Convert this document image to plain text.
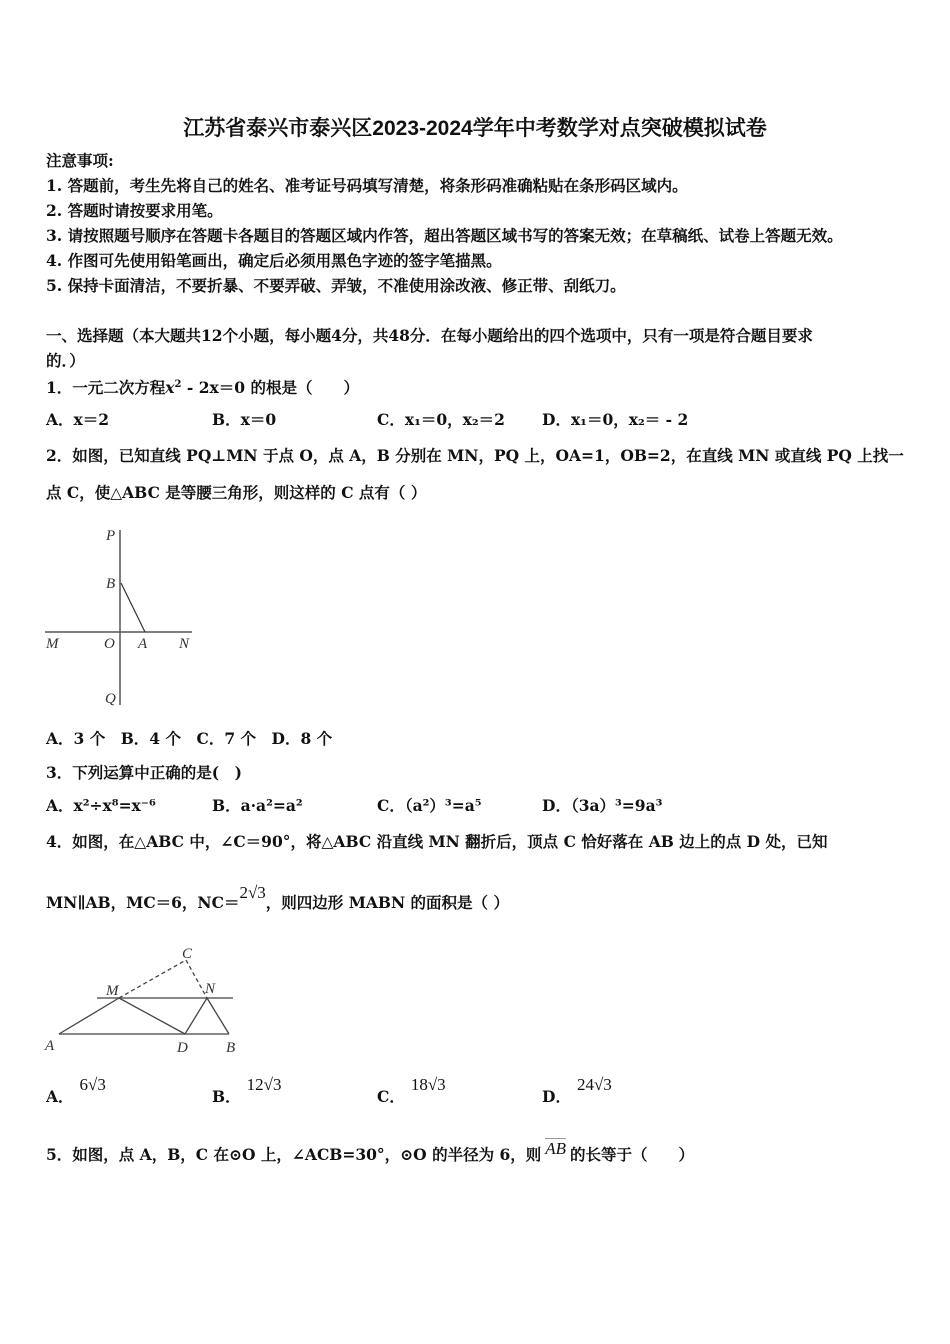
江苏省泰兴市泰兴区2023-2024学年中考数学对点突破模拟试卷
注意事项:
1. 答题前，考生先将自己的姓名、准考证号码填写清楚，将条形码准确粘贴在条形码区域内。
2. 答题时请按要求用笔。
3. 请按照题号顺序在答题卡各题目的答题区域内作答，超出答题区域书写的答案无效；在草稿纸、试卷上答题无效。
4. 作图可先使用铅笔画出，确定后必须用黑色字迹的签字笔描黑。
5. 保持卡面清洁，不要折暴、不要弄破、弄皱，不准使用涂改液、修正带、刮纸刀。
一、选择题（本大题共12个小题，每小题4分，共48分．在每小题给出的四个选项中，只有一项是符合题目要求
的．）
1．一元二次方程$x^2 - 2x=0$ 的根是（　　）
A．x＝2	B．x＝0	C．x₁＝0，x₂＝2 D．x₁＝0，x₂＝ - 2
2．如图，已知直线 PQ⊥MN 于点 O，点 A，B 分别在 MN，PQ 上，OA=1，OB=2，在直线 MN 或直线 PQ 上找一
点 C，使△ABC 是等腰三角形，则这样的 C 点有（ ）
P
B
M	O A N
Q
C
M	N
A	D	B
A．3 个　B．4 个　C．7 个　D．8 个
3．下列运算中正确的是(　)
A．x²÷x⁸=x⁻⁶	B．a·a²=a²	C．（a²）³=a⁵	D．（3a）³=9a³
4．如图，在△ABC 中，∠C＝90°，将△ABC 沿直线 MN 翻折后，顶点 C 恰好落在 AB 边上的点 D 处，已知
MN∥AB，MC＝6，NC＝2√3，则四边形 MABN 的面积是（ ）
A．6√3
B．12√3
C．18√3
D．24√3
5．如图，点 A，B，C 在⊙O 上，∠ACB=30°，⊙O 的半径为 6，则 AB 的长等于（　　）
